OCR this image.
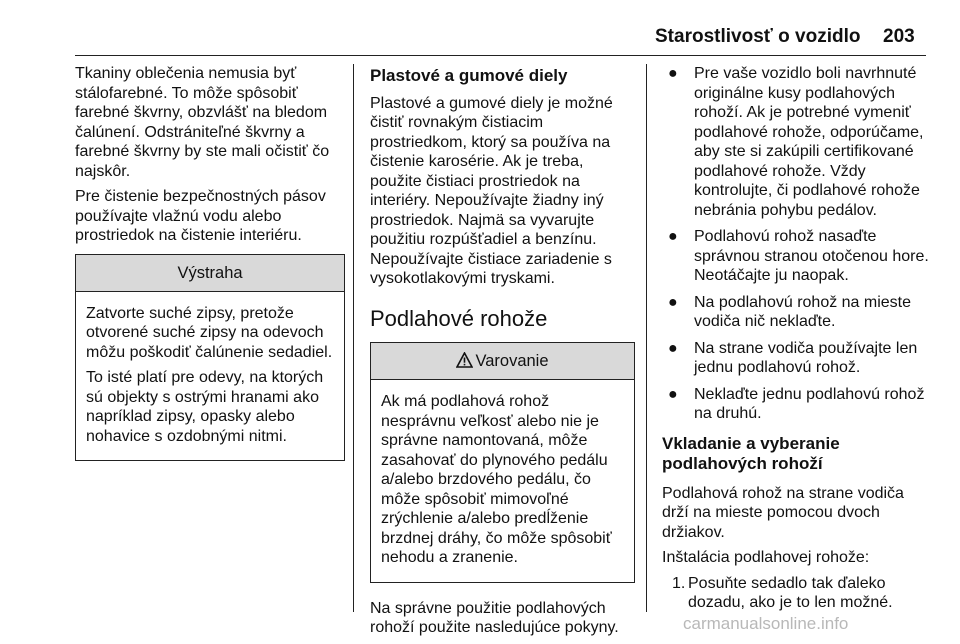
Starostlivosť o vozidlo 203

Tkaniny oblečenia nemusia byť stálofarebné. To môže spôsobiť farebné škvrny, obzvlášť na bledom čalúnení. Odstrániteľné škvrny a farebné škvrny by ste mali očistiť čo najskôr.

Pre čistenie bezpečnostných pásov používajte vlažnú vodu alebo prostriedok na čistenie interiéru.

Výstraha

Zatvorte suché zipsy, pretože otvorené suché zipsy na odevoch môžu poškodiť čalúnenie sedadiel.

To isté platí pre odevy, na ktorých sú objekty s ostrými hranami ako napríklad zipsy, opasky alebo nohavice s ozdobnými nitmi.

Plastové a gumové diely

Plastové a gumové diely je možné čistiť rovnakým čistiacim prostriedkom, ktorý sa používa na čistenie karosérie. Ak je treba, použite čistiaci prostriedok na interiéry. Nepoužívajte žiadny iný prostriedok. Najmä sa vyvarujte použitiu rozpúšťadiel a benzínu. Nepoužívajte čistiace zariadenie s vysokotlakovými tryskami.

Podlahové rohože
Varovanie

Ak má podlahová rohož nesprávnu veľkosť alebo nie je správne namontovaná, môže zasahovať do plynového pedálu a/alebo brzdového pedálu, čo môže spôsobiť mimovoľné zrýchlenie a/alebo predĺženie brzdnej dráhy, čo môže spôsobiť nehodu a zranenie.

Na správne použitie podlahových rohoží použite nasledujúce pokyny.

● Pre vaše vozidlo boli navrhnuté originálne kusy podlahových rohoží. Ak je potrebné vymeniť podlahové rohože, odporúčame, aby ste si zakúpili certifikované podlahové rohože. Vždy kontrolujte, či podlahové rohože nebránia pohybu pedálov.
● Podlahovú rohož nasaďte správnou stranou otočenou hore. Neotáčajte ju naopak.
● Na podlahovú rohož na mieste vodiča nič neklaďte.
● Na strane vodiča používajte len jednu podlahovú rohož.
● Neklaďte jednu podlahovú rohož na druhú.
Vkladanie a vyberanie podlahových rohoží

Podlahová rohož na strane vodiča drží na mieste pomocou dvoch držiakov.

Inštalácia podlahovej rohože:

1. Posuňte sedadlo tak ďaleko dozadu, ako je to len možné.
carmanualsonline.info
